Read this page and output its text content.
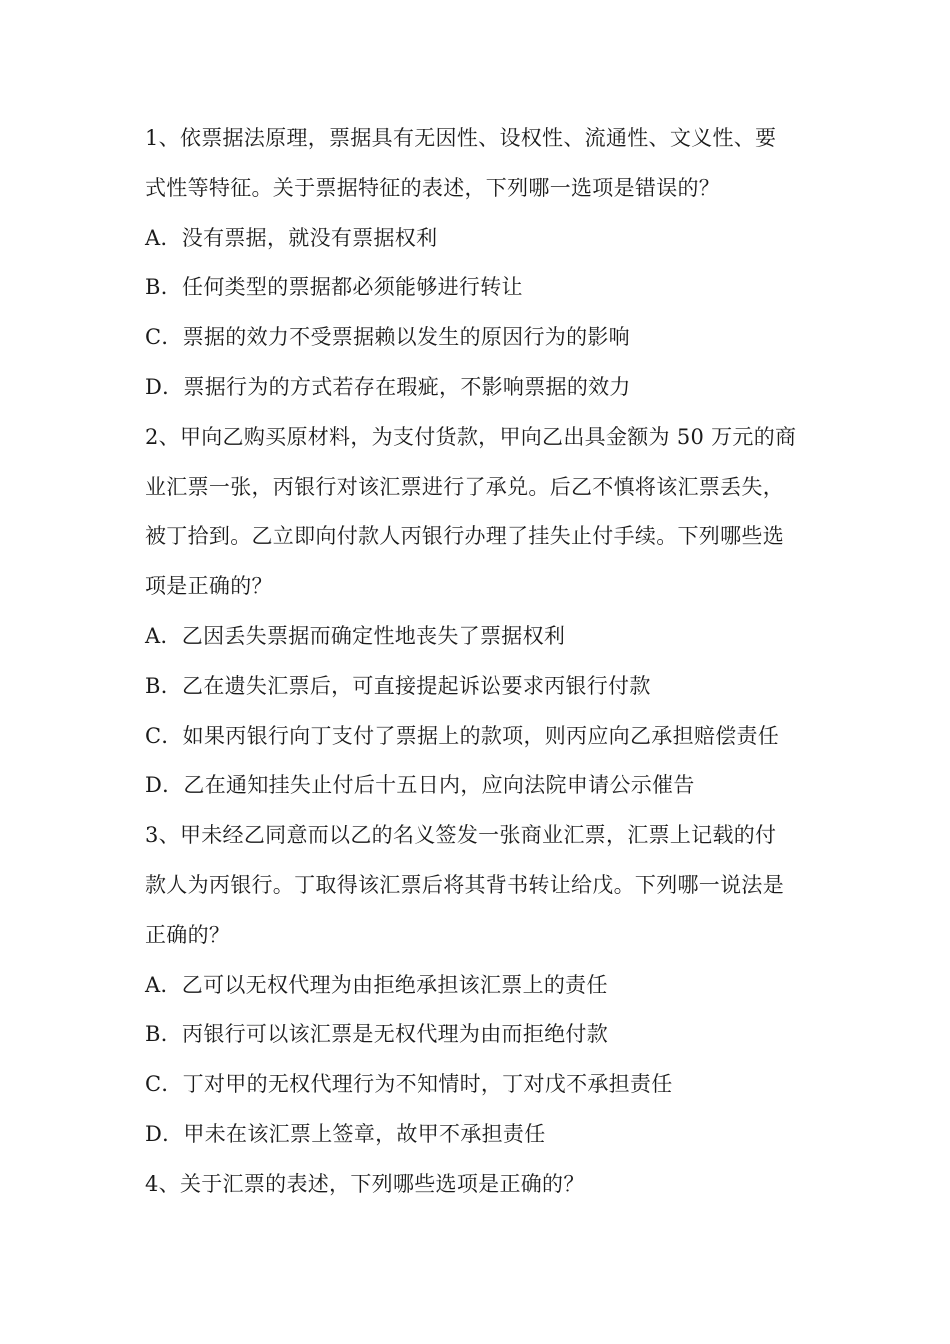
1、依票据法原理，票据具有无因性、设权性、流通性、文义性、要
式性等特征。关于票据特征的表述，下列哪一选项是错误的？
A．没有票据，就没有票据权利
B．任何类型的票据都必须能够进行转让
C．票据的效力不受票据赖以发生的原因行为的影响
D．票据行为的方式若存在瑕疵，不影响票据的效力
2、甲向乙购买原材料，为支付货款，甲向乙出具金额为 50 万元的商
业汇票一张，丙银行对该汇票进行了承兑。后乙不慎将该汇票丢失，
被丁拾到。乙立即向付款人丙银行办理了挂失止付手续。下列哪些选
项是正确的？
A．乙因丢失票据而确定性地丧失了票据权利
B．乙在遗失汇票后，可直接提起诉讼要求丙银行付款
C．如果丙银行向丁支付了票据上的款项，则丙应向乙承担赔偿责任
D．乙在通知挂失止付后十五日内，应向法院申请公示催告
3、甲未经乙同意而以乙的名义签发一张商业汇票，汇票上记载的付
款人为丙银行。丁取得该汇票后将其背书转让给戊。下列哪一说法是
正确的？
A．乙可以无权代理为由拒绝承担该汇票上的责任
B．丙银行可以该汇票是无权代理为由而拒绝付款
C．丁对甲的无权代理行为不知情时，丁对戊不承担责任
D．甲未在该汇票上签章，故甲不承担责任
4、关于汇票的表述，下列哪些选项是正确的？
